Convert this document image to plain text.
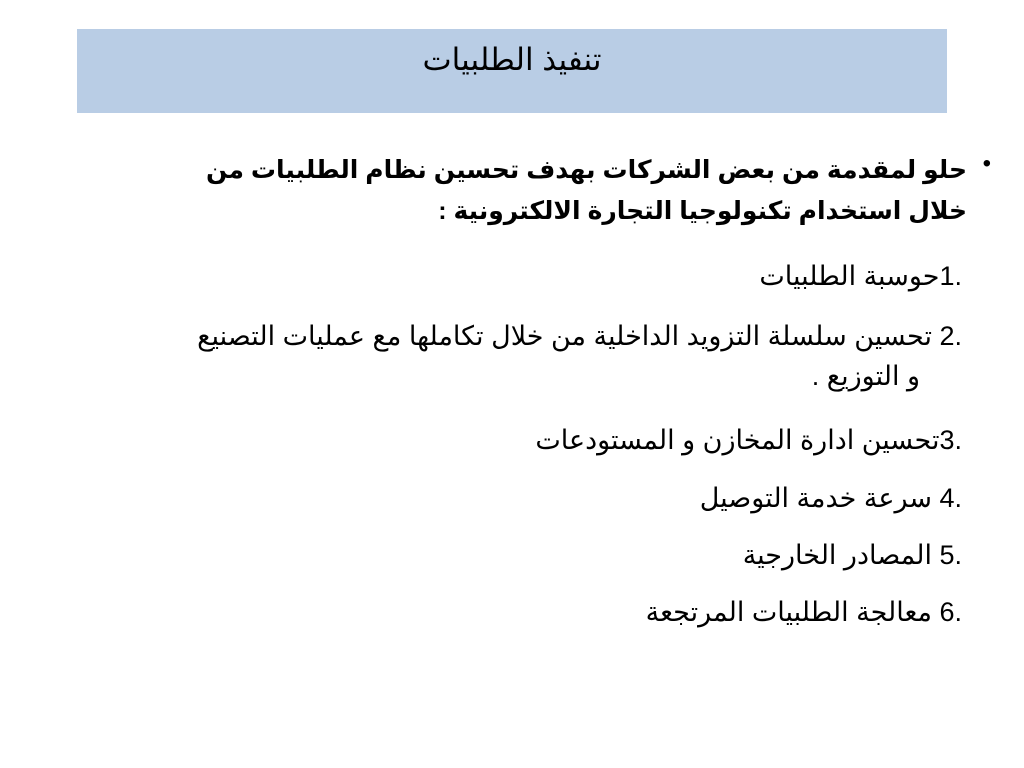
تنفيذ الطلبيات
•
حلو لمقدمة من بعض الشركات بهدف تحسين نظام الطلبيات من
خلال استخدام تكنولوجيا التجارة الالكترونية :
1.حوسبة الطلبيات
2. تحسين سلسلة التزويد الداخلية من خلال تكاملها مع عمليات التصنيع
و التوزيع .
3.تحسين ادارة المخازن و المستودعات
4. سرعة خدمة التوصيل
5. المصادر الخارجية
6. معالجة الطلبيات المرتجعة
